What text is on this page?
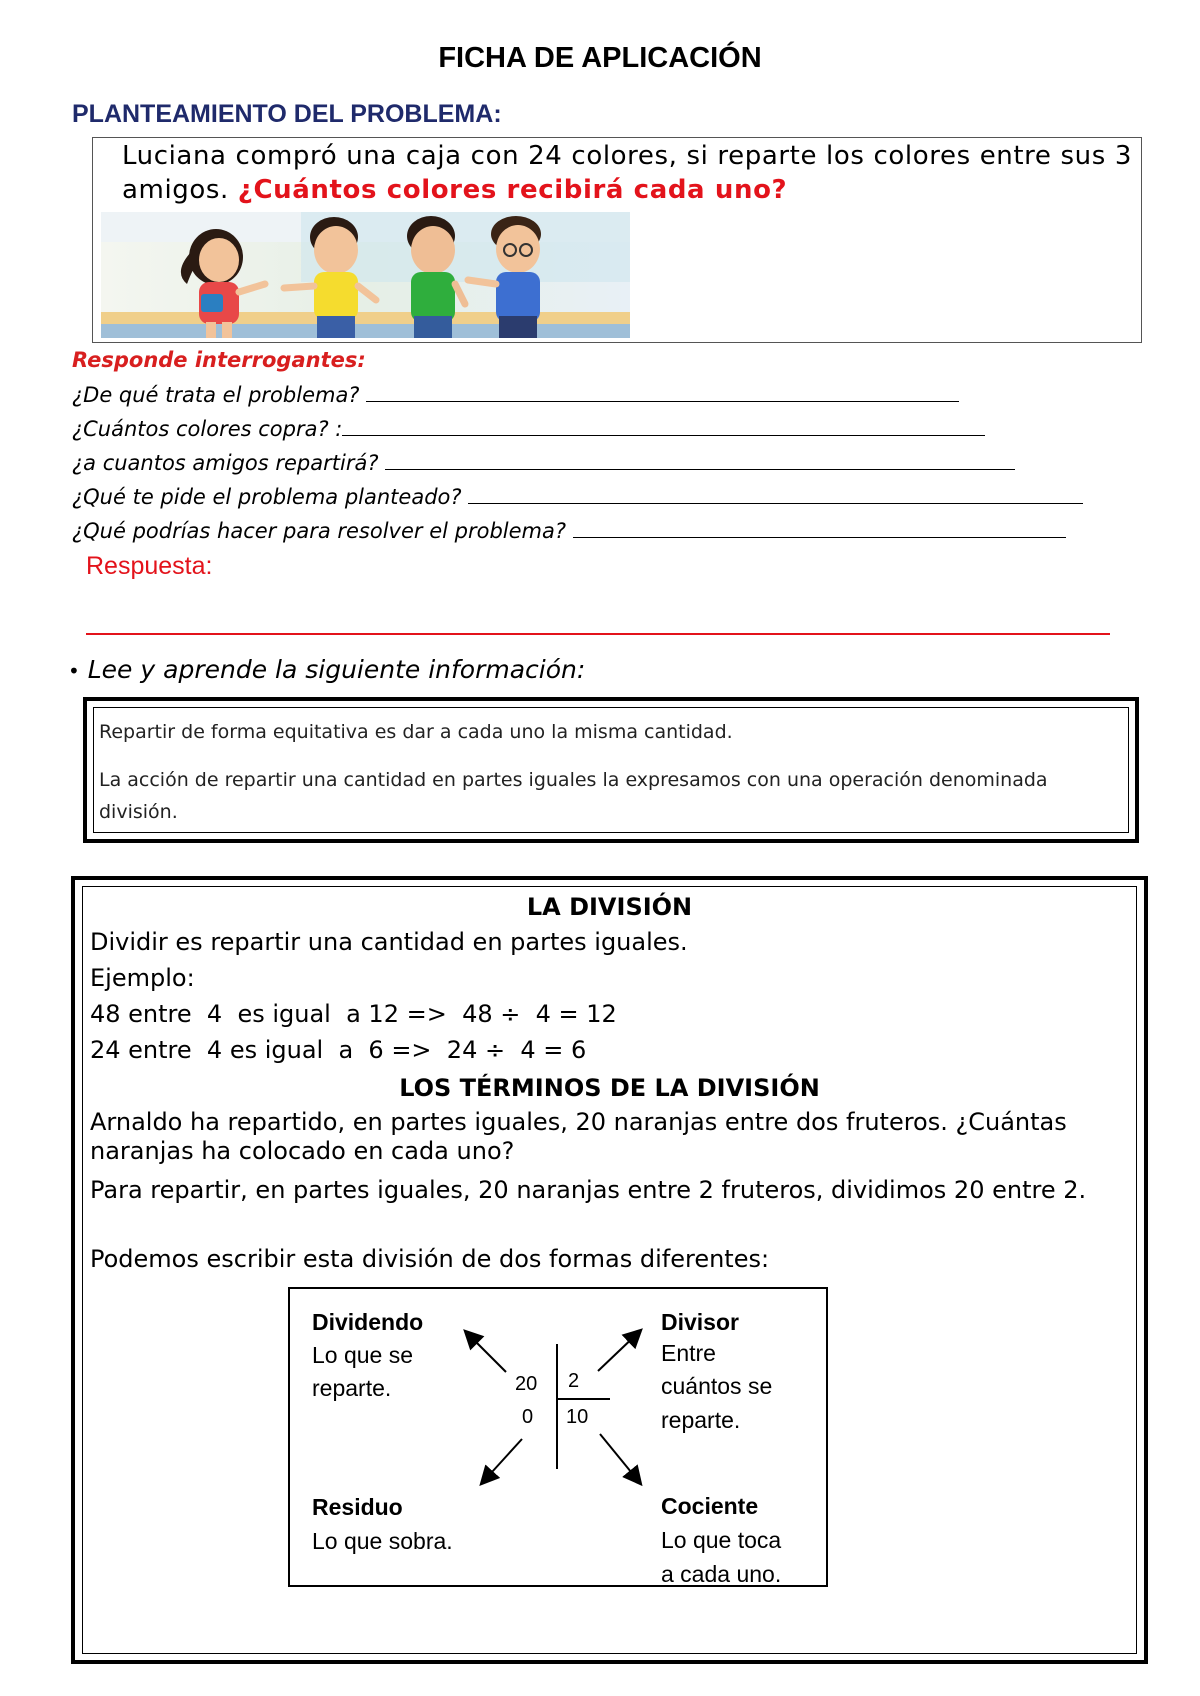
FICHA DE APLICACIÓN
PLANTEAMIENTO DEL PROBLEMA:
Luciana compró una caja con 24 colores, si reparte los colores entre sus 3 amigos. ¿Cuántos colores recibirá cada uno?
Responde interrogantes:
¿De qué trata el problema?
¿Cuántos colores copra? :
¿a cuantos amigos repartirá?
¿Qué te pide el problema planteado?
¿Qué podrías hacer para resolver el problema?
Respuesta:
• Lee y aprende la siguiente información:
Repartir de forma equitativa es dar a cada uno la misma cantidad.
La acción de repartir una cantidad en partes iguales la expresamos con una operación denominada división.
LA DIVISIÓN
Dividir es repartir una cantidad en partes iguales.
Ejemplo:
48 entre  4  es igual  a 12 =>  48 ÷  4 = 12
24 entre  4 es igual  a  6 =>  24 ÷  4 = 6
LOS TÉRMINOS DE LA DIVISIÓN
Arnaldo ha repartido, en partes iguales, 20 naranjas entre dos fruteros. ¿Cuántas naranjas ha colocado en cada uno?
Para repartir, en partes iguales, 20 naranjas entre 2 fruteros, dividimos 20 entre 2.
Podemos escribir esta división de dos formas diferentes:
Dividendo
Lo que se
reparte.
Divisor
Entre
cuántos se
reparte.
Residuo
Lo que sobra.
Cociente
Lo que toca
a cada uno.
20 2
0 10
